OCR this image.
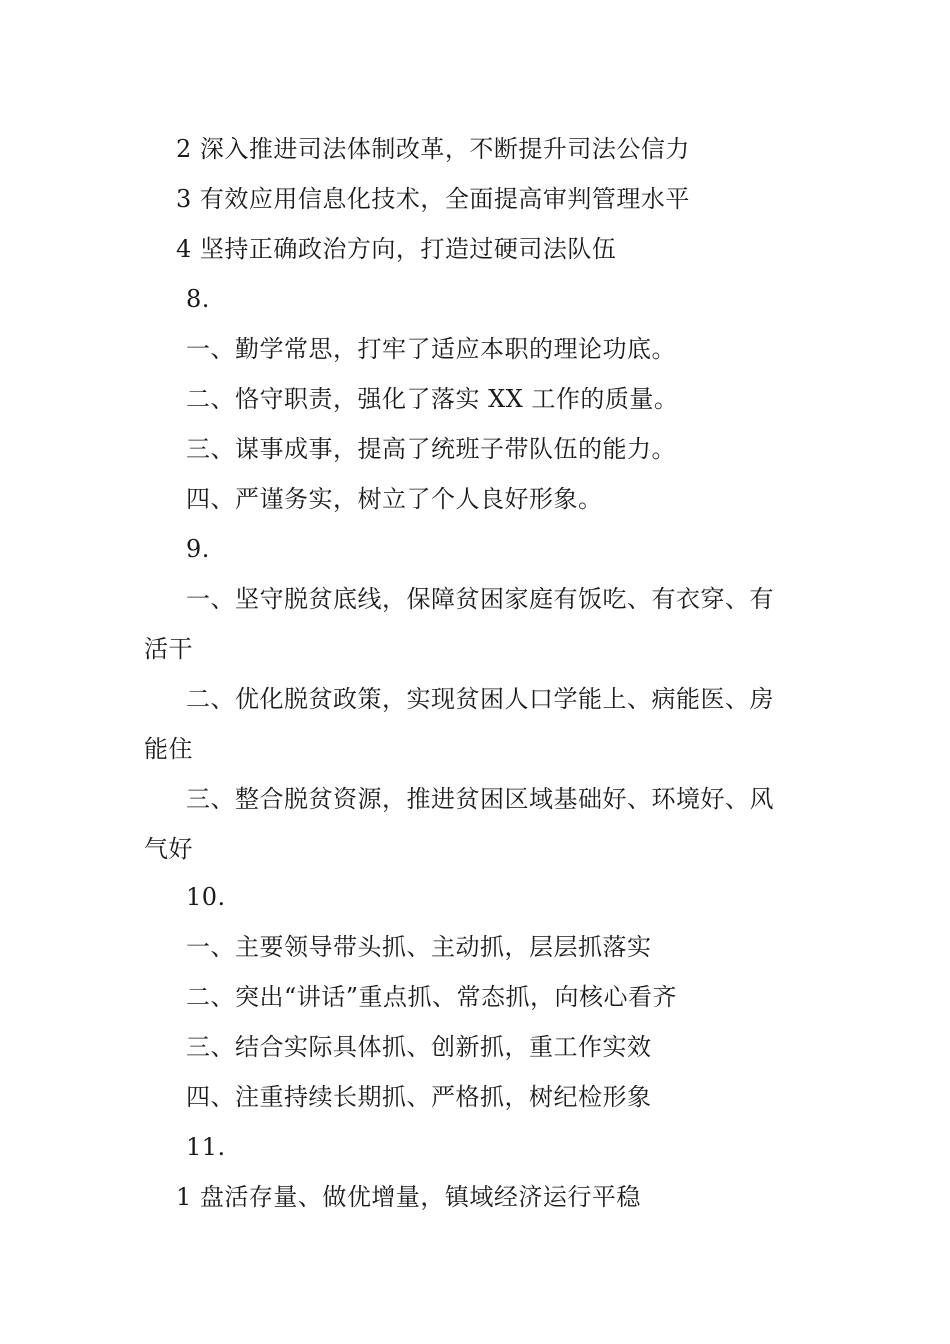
2 深入推进司法体制改革，不断提升司法公信力
3 有效应用信息化技术，全面提高审判管理水平
4 坚持正确政治方向，打造过硬司法队伍
8.
一、勤学常思，打牢了适应本职的理论功底。
二、恪守职责，强化了落实 XX 工作的质量。
三、谋事成事，提高了统班子带队伍的能力。
四、严谨务实，树立了个人良好形象。
9.
一、坚守脱贫底线，保障贫困家庭有饭吃、有衣穿、有
活干
二、优化脱贫政策，实现贫困人口学能上、病能医、房
能住
三、整合脱贫资源，推进贫困区域基础好、环境好、风
气好
10.
一、主要领导带头抓、主动抓，层层抓落实
二、突出“讲话”重点抓、常态抓，向核心看齐
三、结合实际具体抓、创新抓，重工作实效
四、注重持续长期抓、严格抓，树纪检形象
11.
1 盘活存量、做优增量，镇域经济运行平稳
